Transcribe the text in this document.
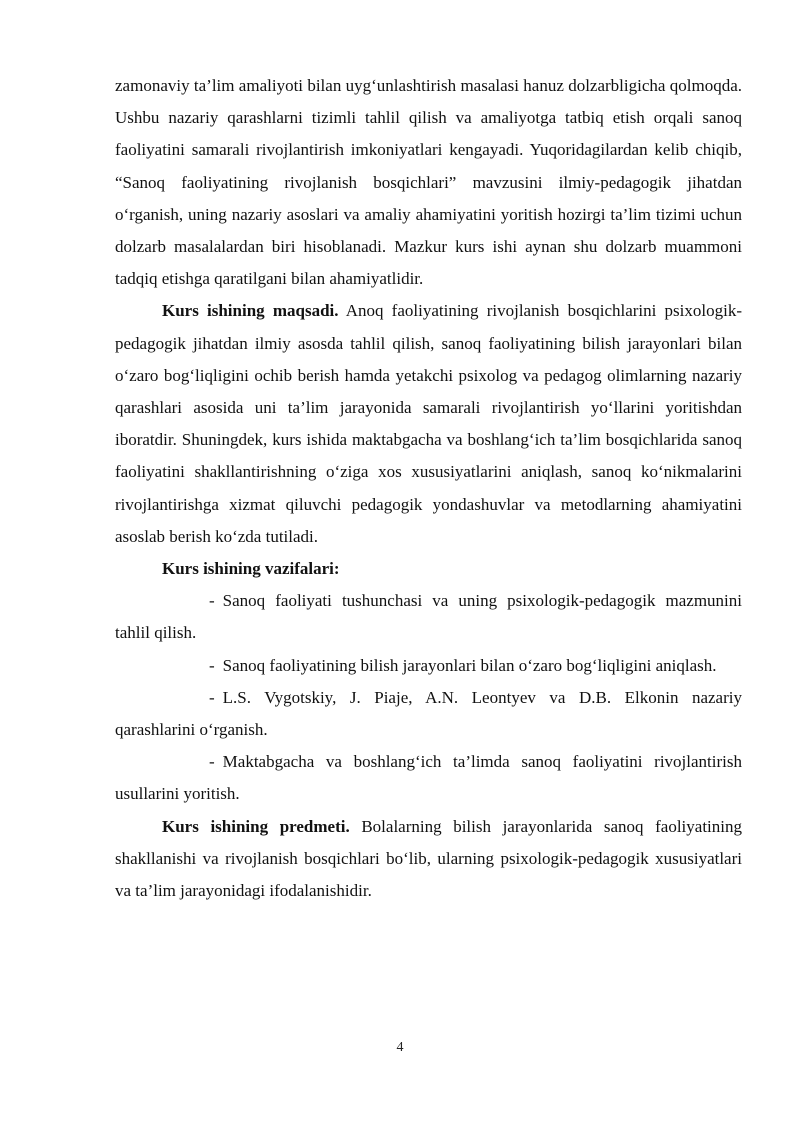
zamonaviy ta’lim amaliyoti bilan uyg‘unlashtirish masalasi hanuz dolzarbligicha qolmoqda. Ushbu nazariy qarashlarni tizimli tahlil qilish va amaliyotga tatbiq etish orqali sanoq faoliyatini samarali rivojlantirish imkoniyatlari kengayadi. Yuqoridagilardan kelib chiqib, “Sanoq faoliyatining rivojlanish bosqichlari” mavzusini ilmiy-pedagogik jihatdan o‘rganish, uning nazariy asoslari va amaliy ahamiyatini yoritish hozirgi ta’lim tizimi uchun dolzarb masalalardan biri hisoblanadi. Mazkur kurs ishi aynan shu dolzarb muammoni tadqiq etishga qaratilgani bilan ahamiyatlidir.

Kurs ishining maqsadi. Anoq faoliyatining rivojlanish bosqichlarini psixologik-pedagogik jihatdan ilmiy asosda tahlil qilish, sanoq faoliyatining bilish jarayonlari bilan o‘zaro bog‘liqligini ochib berish hamda yetakchi psixolog va pedagog olimlarning nazariy qarashlari asosida uni ta’lim jarayonida samarali rivojlantirish yo‘llarini yoritishdan iboratdir. Shuningdek, kurs ishida maktabgacha va boshlang‘ich ta’lim bosqichlarida sanoq faoliyatini shakllantirishning o‘ziga xos xususiyatlarini aniqlash, sanoq ko‘nikmalarini rivojlantirishga xizmat qiluvchi pedagogik yondashuvlar va metodlarning ahamiyatini asoslab berish ko‘zda tutiladi.

Kurs ishining vazifalari:

- Sanoq faoliyati tushunchasi va uning psixologik-pedagogik mazmunini tahlil qilish.

- Sanoq faoliyatining bilish jarayonlari bilan o‘zaro bog‘liqligini aniqlash.

- L.S. Vygotskiy, J. Piaje, A.N. Leontyev va D.B. Elkonin nazariy qarashlarini o‘rganish.

- Maktabgacha va boshlang‘ich ta’limda sanoq faoliyatini rivojlantirish usullarini yoritish.

Kurs ishining predmeti. Bolalarning bilish jarayonlarida sanoq faoliyatining shakllanishi va rivojlanish bosqichlari bo‘lib, ularning psixologik-pedagogik xususiyatlari va ta’lim jarayonidagi ifodalanishidir.

4
